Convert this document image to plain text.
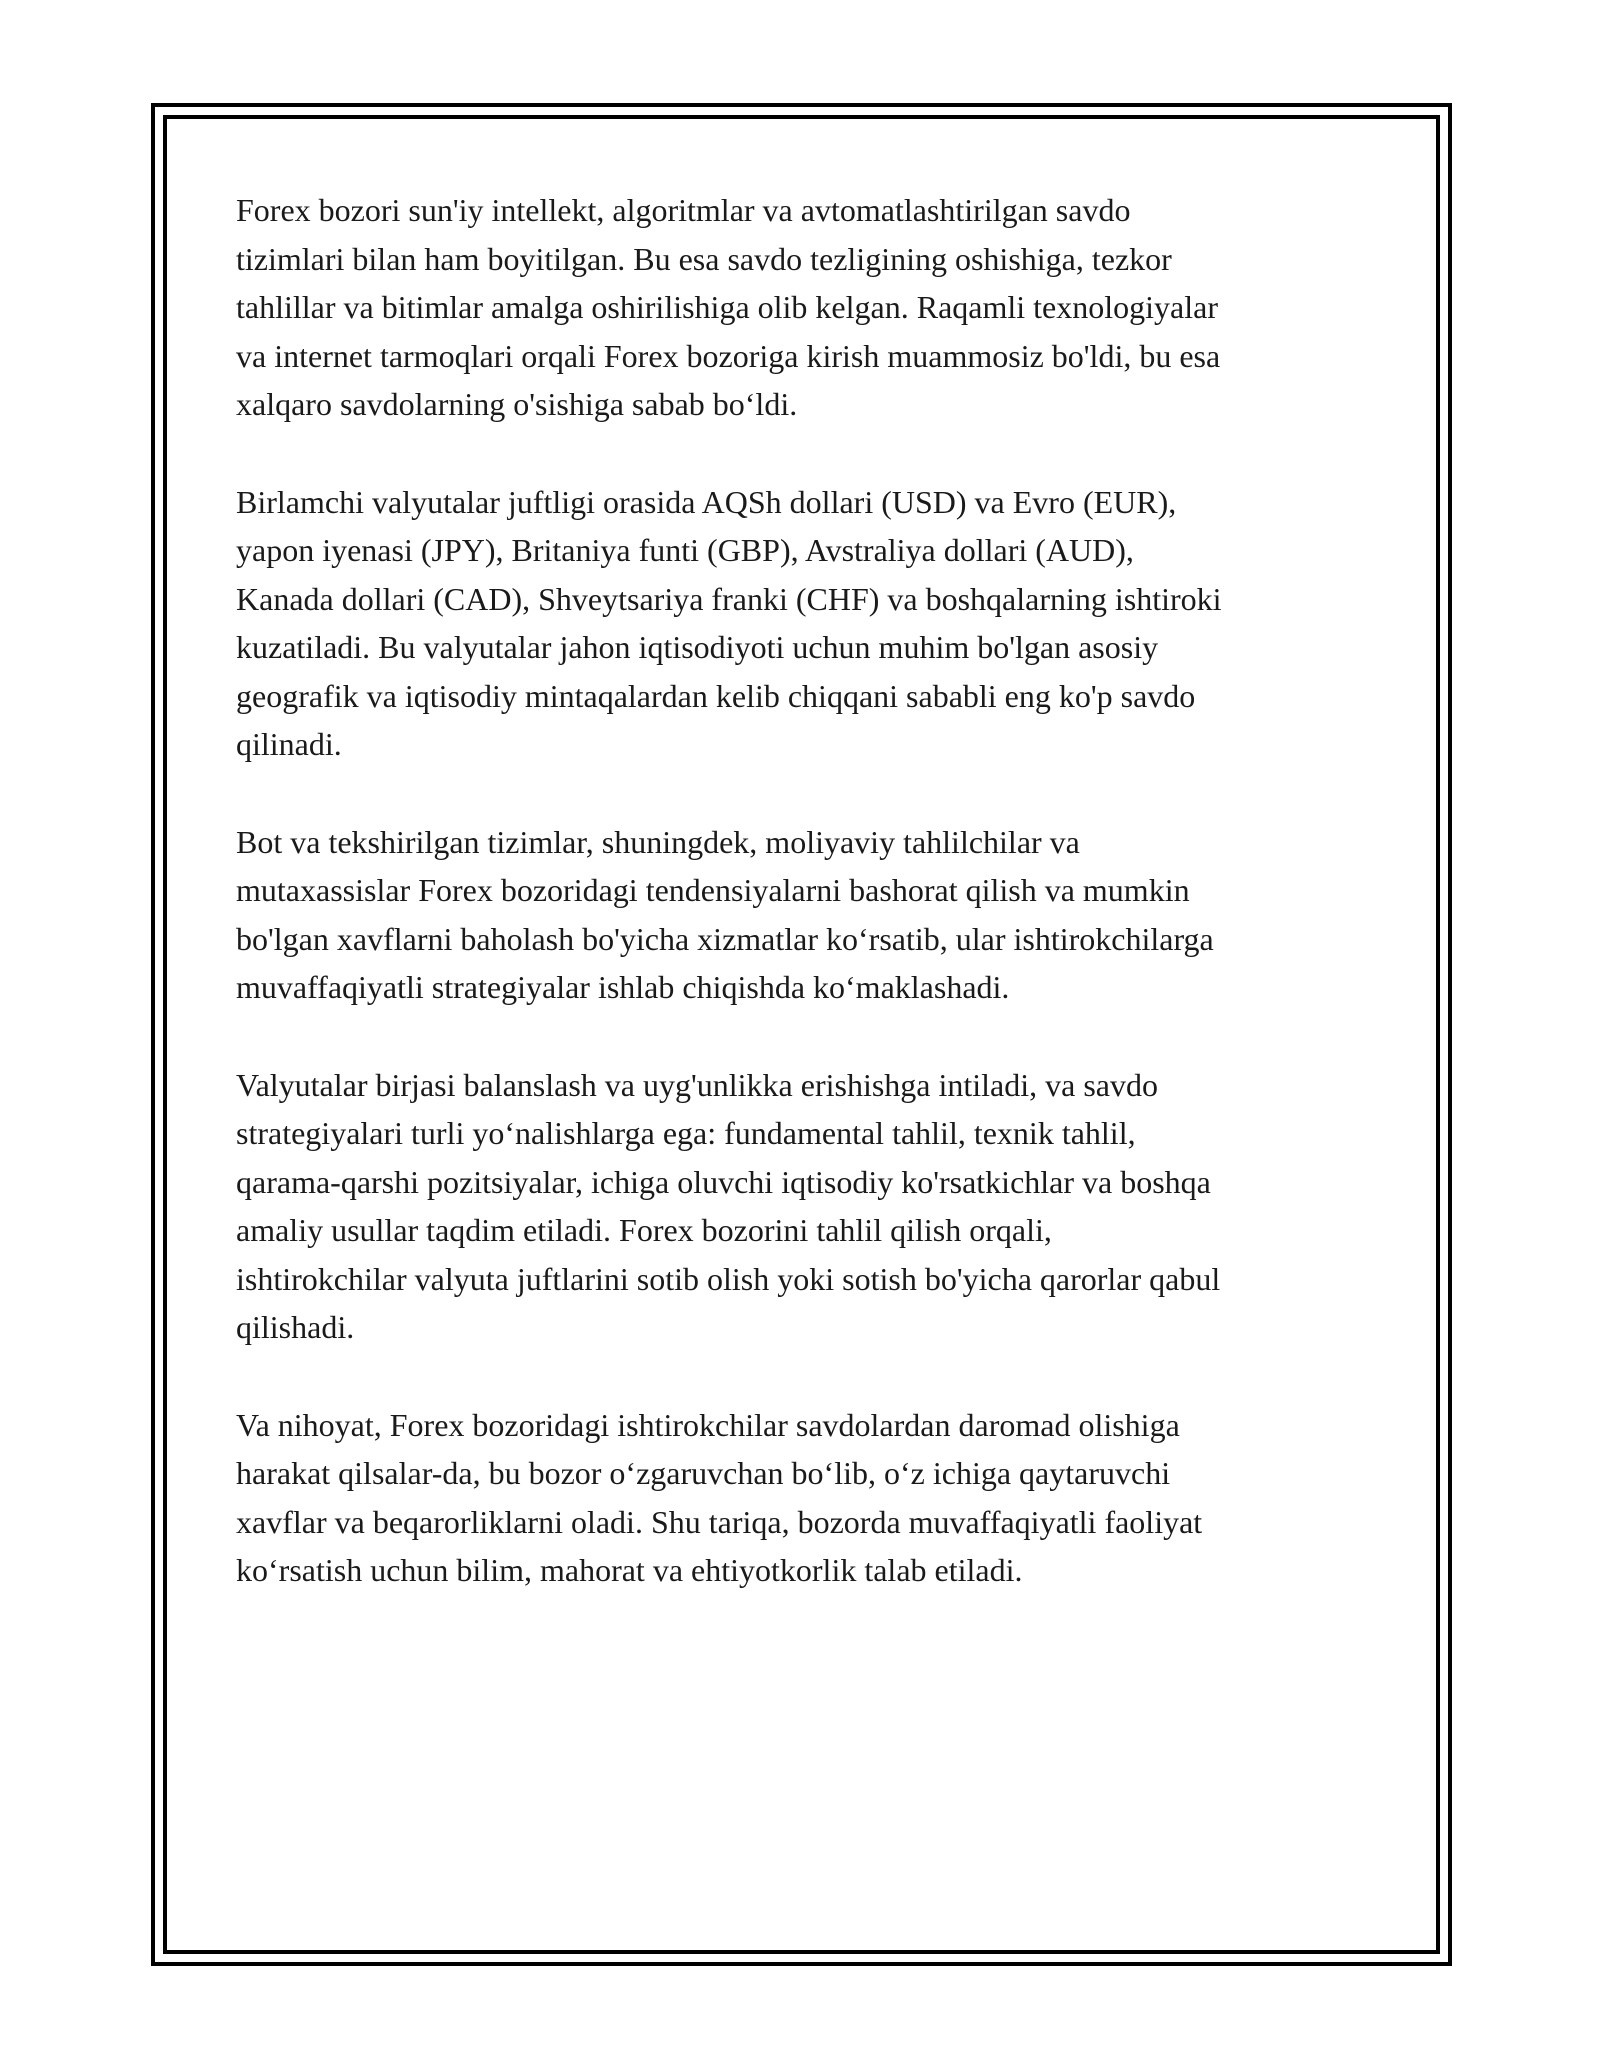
Forex bozori sun'iy intellekt, algoritmlar va avtomatlashtirilgan savdo
tizimlari bilan ham boyitilgan. Bu esa savdo tezligining oshishiga, tezkor
tahlillar va bitimlar amalga oshirilishiga olib kelgan. Raqamli texnologiyalar
va internet tarmoqlari orqali Forex bozoriga kirish muammosiz bo'ldi, bu esa
xalqaro savdolarning o'sishiga sabab bo‘ldi.

Birlamchi valyutalar juftligi orasida AQSh dollari (USD) va Evro (EUR),
yapon iyenasi (JPY), Britaniya funti (GBP), Avstraliya dollari (AUD),
Kanada dollari (CAD), Shveytsariya franki (CHF) va boshqalarning ishtiroki
kuzatiladi. Bu valyutalar jahon iqtisodiyoti uchun muhim bo'lgan asosiy
geografik va iqtisodiy mintaqalardan kelib chiqqani sababli eng ko'p savdo
qilinadi.

Bot va tekshirilgan tizimlar, shuningdek, moliyaviy tahlilchilar va
mutaxassislar Forex bozoridagi tendensiyalarni bashorat qilish va mumkin
bo'lgan xavflarni baholash bo'yicha xizmatlar ko‘rsatib, ular ishtirokchilarga
muvaffaqiyatli strategiyalar ishlab chiqishda ko‘maklashadi.

Valyutalar birjasi balanslash va uyg'unlikka erishishga intiladi, va savdo
strategiyalari turli yo‘nalishlarga ega: fundamental tahlil, texnik tahlil,
qarama-qarshi pozitsiyalar, ichiga oluvchi iqtisodiy ko'rsatkichlar va boshqa
amaliy usullar taqdim etiladi. Forex bozorini tahlil qilish orqali,
ishtirokchilar valyuta juftlarini sotib olish yoki sotish bo'yicha qarorlar qabul
qilishadi.

Va nihoyat, Forex bozoridagi ishtirokchilar savdolardan daromad olishiga
harakat qilsalar-da, bu bozor o‘zgaruvchan bo‘lib, o‘z ichiga qaytaruvchi
xavflar va beqarorliklarni oladi. Shu tariqa, bozorda muvaffaqiyatli faoliyat
ko‘rsatish uchun bilim, mahorat va ehtiyotkorlik talab etiladi.
